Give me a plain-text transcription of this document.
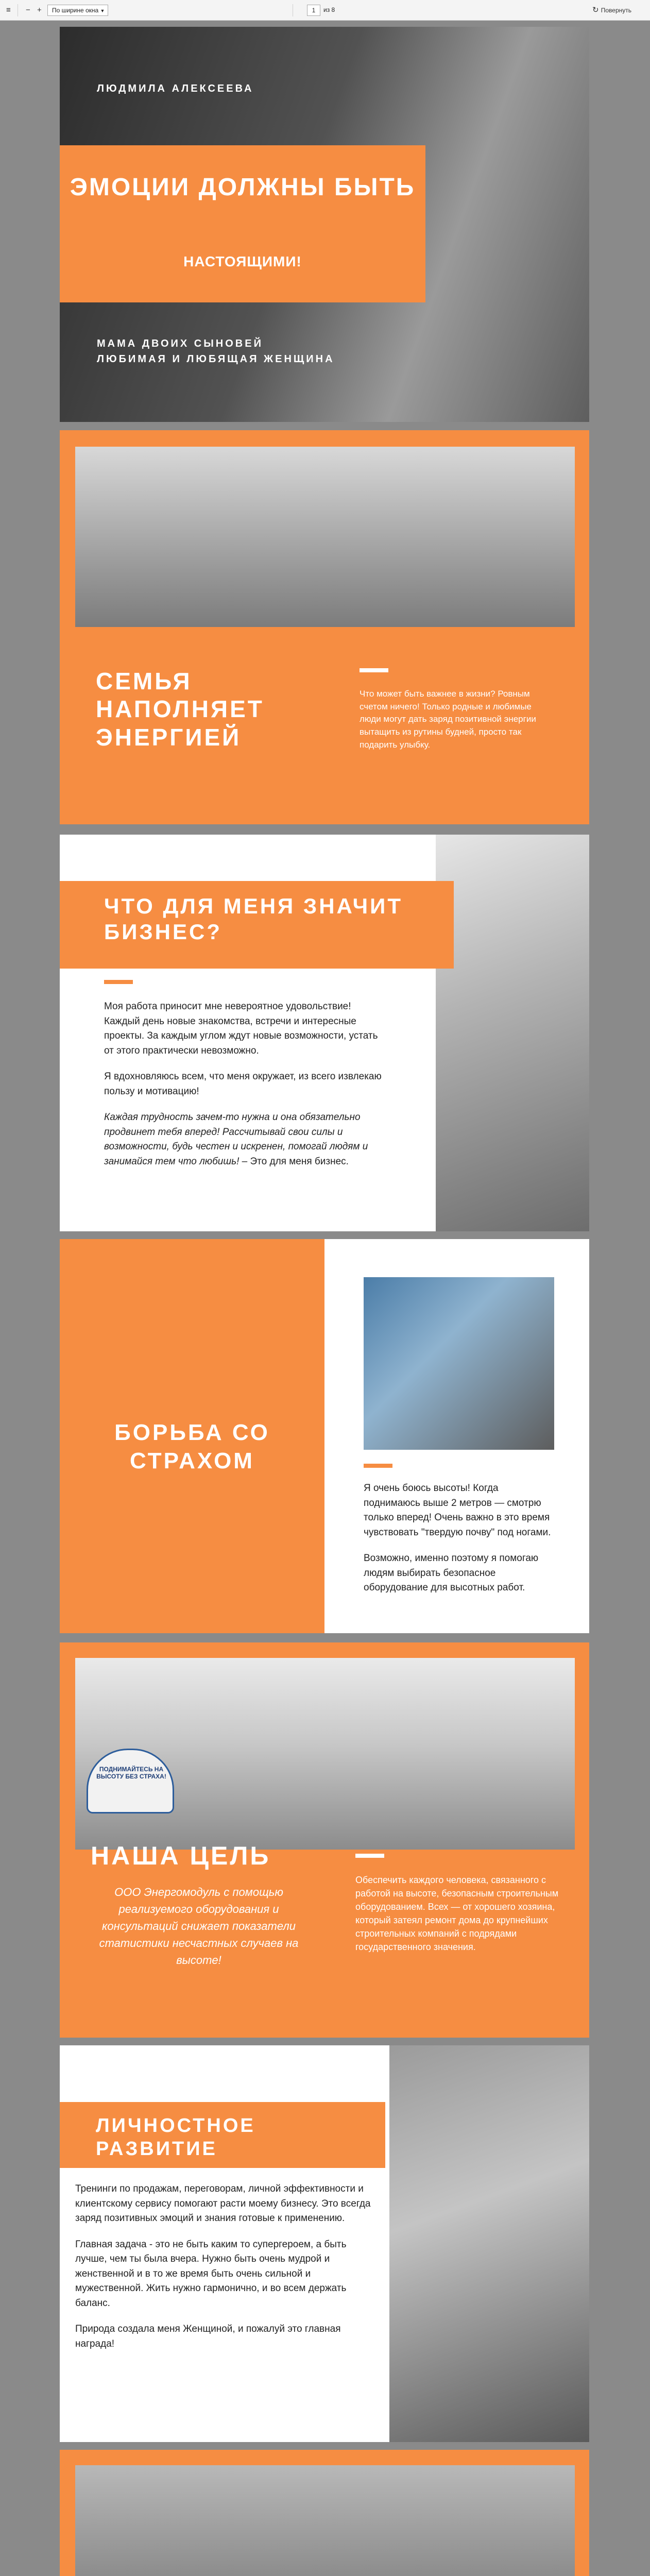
≡	− +	По ширине окна ▼	1	из 8	↻ Повернуть
ЛЮДМИЛА АЛЕКСЕЕВА
ЭМОЦИИ ДОЛЖНЫ БЫТЬ
НАСТОЯЩИМИ!
МАМА ДВОИХ СЫНОВЕЙ
ЛЮБИМАЯ И ЛЮБЯЩАЯ ЖЕНЩИНА
СЕМЬЯ НАПОЛНЯЕТ ЭНЕРГИЕЙ
Что может быть важнее в жизни? Ровным счетом ничего! Только родные и любимые люди могут дать заряд позитивной энергии вытащить из рутины будней, просто так подарить улыбку.
ЧТО ДЛЯ МЕНЯ ЗНАЧИТ БИЗНЕС?

Моя работа приносит мне невероятное удовольствие! Каждый день новые знакомства, встречи и интересные проекты. За каждым углом ждут новые возможности, устать от этого практически невозможно.

Я вдохновляюсь всем, что меня окружает, из всего извлекаю пользу и мотивацию!

Каждая трудность зачем-то нужна и она обязательно продвинет тебя вперед! Рассчитывай свои силы и возможности, будь честен и искренен, помогай людям и занимайся тем что любишь! – Это для меня бизнес.

БОРЬБА СО СТРАХОМ

Я очень боюсь высоты! Когда поднимаюсь выше 2 метров — смотрю только вперед! Очень важно в это время чувствовать "твердую почву" под ногами.

Возможно, именно поэтому я помогаю людям выбирать безопасное оборудование для высотных работ.

ПОДНИМАЙТЕСЬ НА ВЫСОТУ БЕЗ СТРАХА!
НАША ЦЕЛЬ
ООО Энергомодуль с помощью реализуемого оборудования и консультаций снижает показатели статистики несчастных случаев на высоте!
Обеспечить каждого человека, связанного с работой на высоте, безопасным строительным оборудованием. Всех — от хорошего хозяина, который затеял ремонт дома до крупнейших строительных компаний с подрядами государственного значения.
ЛИЧНОСТНОЕ РАЗВИТИЕ

Тренинги по продажам, переговорам, личной эффективности и клиентскому сервису помогают расти моему бизнесу. Это всегда заряд позитивных эмоций и знания готовые к применению.

Главная задача - это не быть каким то супергероем, а быть лучше, чем ты была вчера. Нужно быть очень мудрой и женственной и в то же время быть очень сильной и мужественной. Жить нужно гармонично, и во всем держать баланс.

Природа создала меня Женщиной, и пожалуй это главная награда!
